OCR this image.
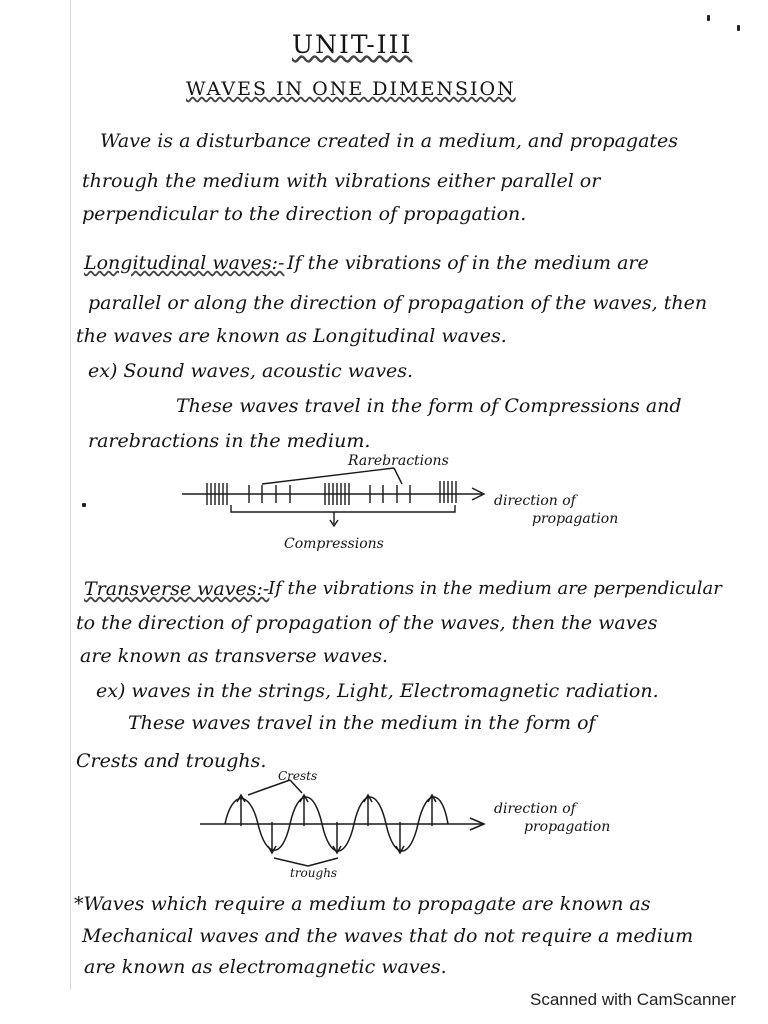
UNIT-III
WAVES IN ONE DIMENSION
Wave is a disturbance created in a medium, and propagates
through the medium with vibrations either parallel or
perpendicular to the direction of propagation.
Longitudinal waves:- If the vibrations of in the medium are
parallel or along the direction of propagation of the waves, then
the waves are known as Longitudinal waves.
ex) Sound waves, acoustic waves.
These waves travel in the form of Compressions and
rarebractions in the medium.
Rarebractions
direction of
propagation
Compressions
Transverse waves:-
If the vibrations in the medium are perpendicular
to the direction of propagation of the waves, then the waves
are known as transverse waves.
ex) waves in the strings, Light, Electromagnetic radiation.
These waves travel in the medium in the form of
Crests and troughs.
Crests
direction of
propagation
troughs
*Waves which require a medium to propagate are known as
Mechanical waves and the waves that do not require a medium
are known as electromagnetic waves.
Scanned with CamScanner
